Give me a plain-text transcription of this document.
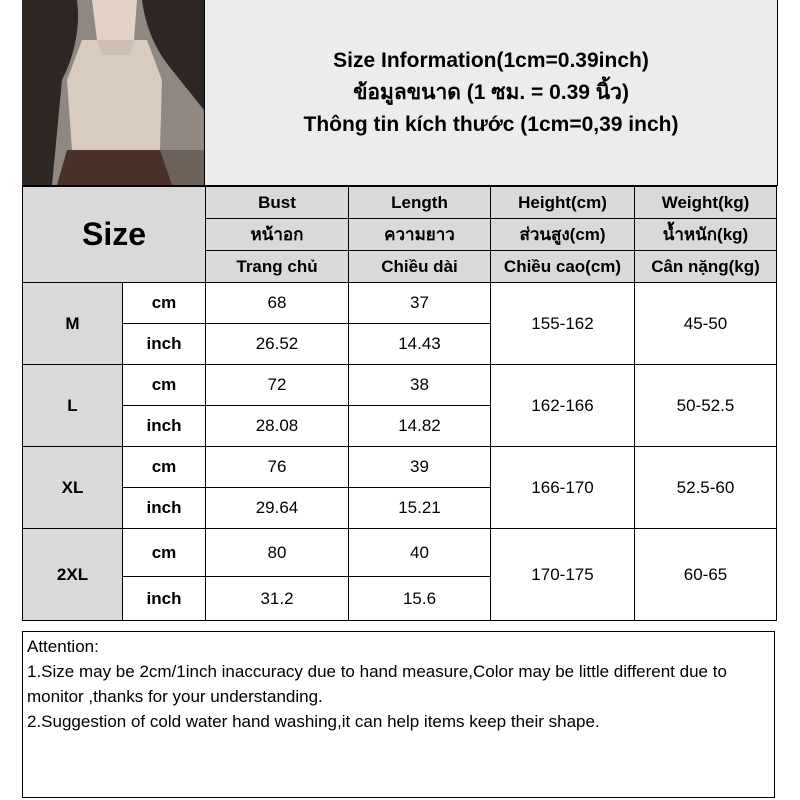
Size Information(1cm=0.39inch)
ข้อมูลขนาด (1 ซม. = 0.39 นิ้ว)
Thông tin kích thước (1cm=0,39 inch)
Size		Bust	Length	Height(cm)	Weight(kg)
		หน้าอก	ความยาว	ส่วนสูง(cm)	น้ำหนัก(kg)
		Trang chủ	Chiều dài	Chiều cao(cm)	Cân nặng(kg)
M	cm	68	37	155-162	45-50
	inch	26.52	14.43		
L	cm	72	38	162-166	50-52.5
	inch	28.08	14.82		
XL	cm	76	39	166-170	52.5-60
	inch	29.64	15.21		
2XL	cm	80	40	170-175	60-65
	inch	31.2	15.6		
Attention:
1.Size may be 2cm/1inch inaccuracy due to hand measure,Color may be little different due to monitor ,thanks for your understanding.
2.Suggestion of cold water hand washing,it can help items keep their shape.
